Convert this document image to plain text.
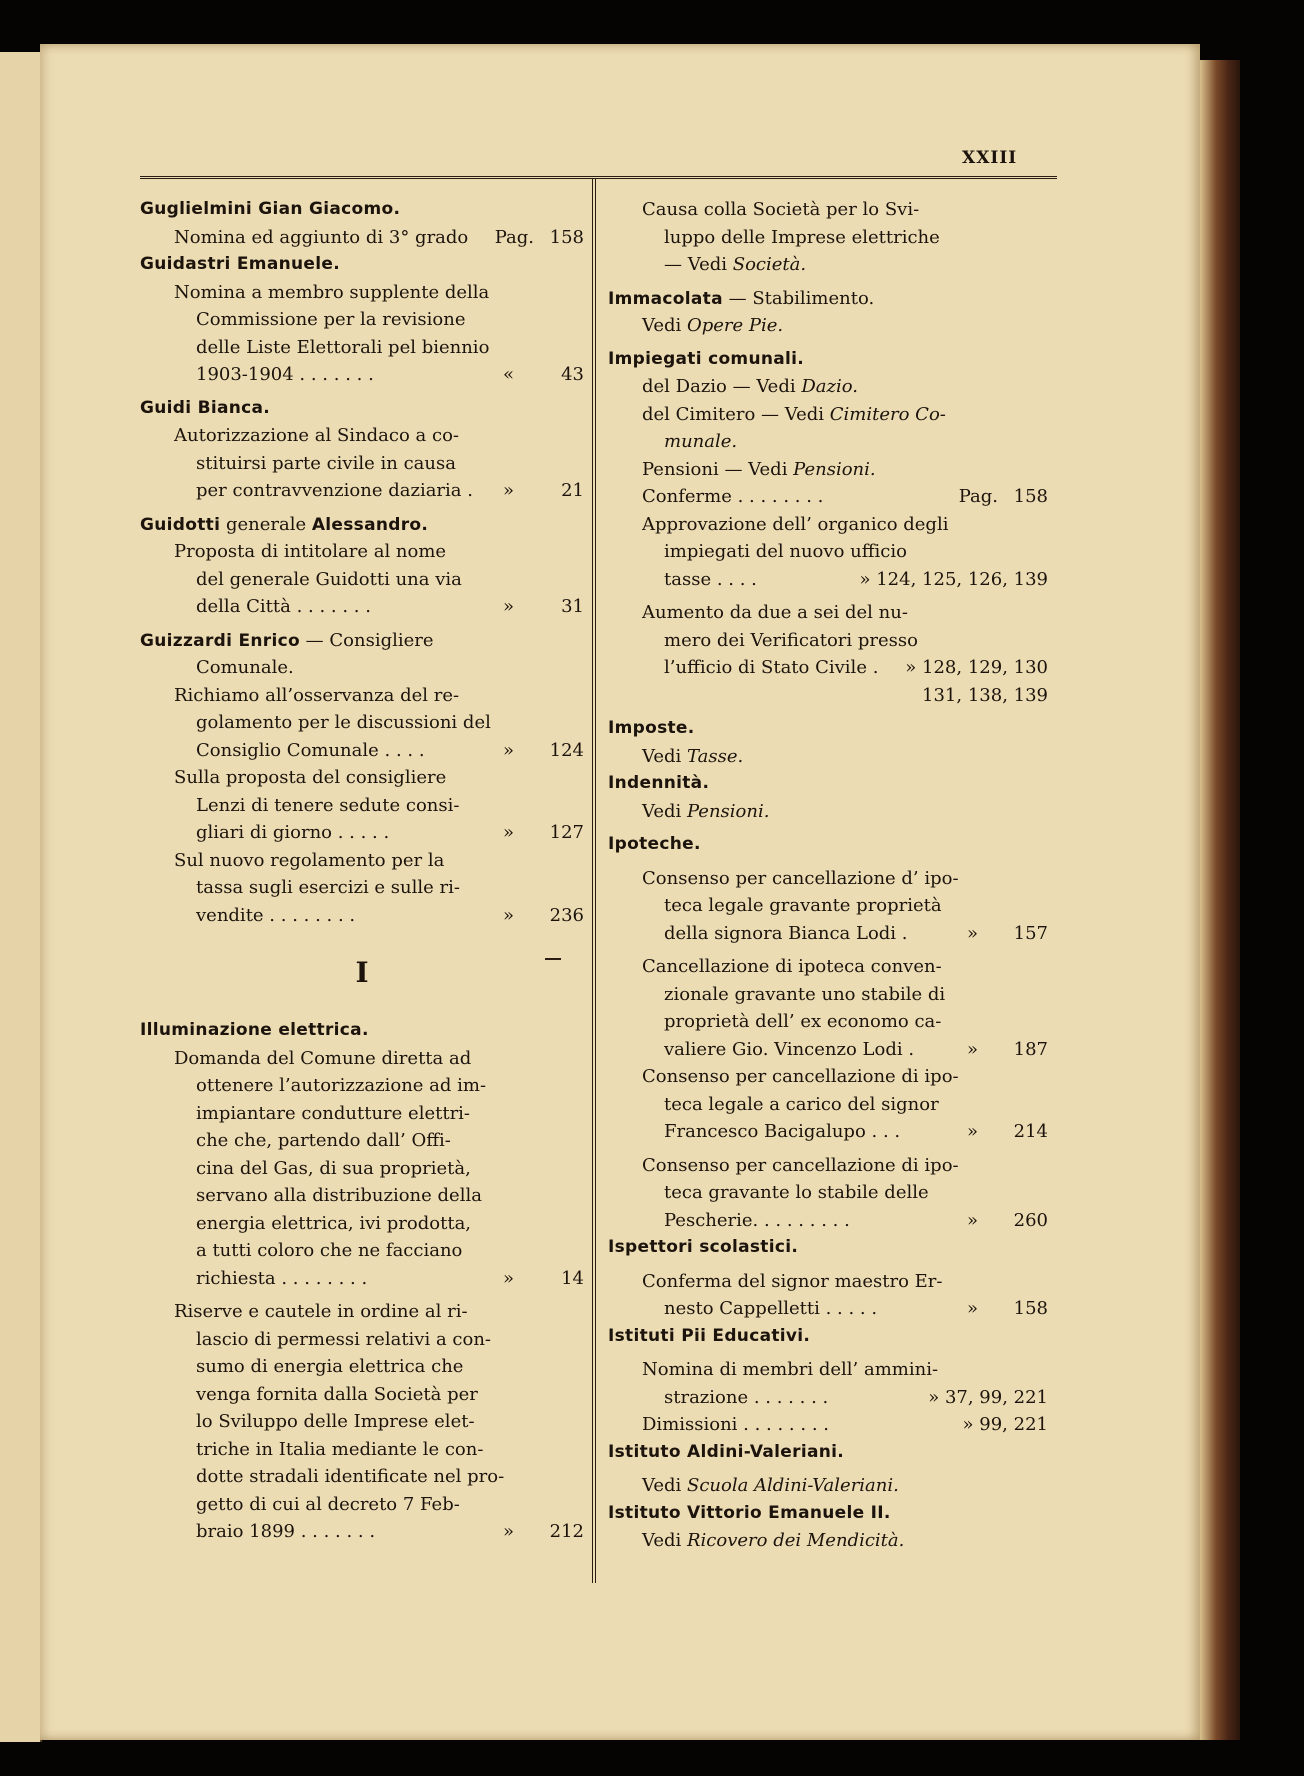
XXIII
Guglielmini Gian Giacomo.
Nomina ed aggiunto di 3° grado Pag. 158
Guidastri Emanuele.
Nomina a membro supplente della
Commissione per la revisione
delle Liste Elettorali pel biennio
1903-1904 . . . . . . .	«	43
Guidi Bianca.
Autorizzazione al Sindaco a co-
stituirsi parte civile in causa
per contravvenzione daziaria . »	21
Guidotti generale Alessandro.
Proposta di intitolare al nome
del generale Guidotti una via
della Città . . . . . . .	»	31
Guizzardi Enrico — Consigliere
Comunale.
Richiamo all’osservanza del re-
golamento per le discussioni del
Consiglio Comunale . . . .	» 124
Sulla proposta del consigliere
Lenzi di tenere sedute consi-
gliari di giorno . . . . .	» 127
Sul nuovo regolamento per la
tassa sugli esercizi e sulle ri-
vendite . . . . . . . .	» 236
I
Illuminazione elettrica.
Domanda del Comune diretta ad
ottenere l’autorizzazione ad im-
impiantare condutture elettri-
che che, partendo dall’ Offi-
cina del Gas, di sua proprietà,
servano alla distribuzione della
energia elettrica, ivi prodotta,
a tutti coloro che ne facciano
richiesta . . . . . . . .	»	14
Riserve e cautele in ordine al ri-
lascio di permessi relativi a con-
sumo di energia elettrica che
venga fornita dalla Società per
lo Sviluppo delle Imprese elet-
triche in Italia mediante le con-
dotte stradali identificate nel pro-
getto di cui al decreto 7 Feb-
braio 1899 . . . . . . .	» 212
Causa colla Società per lo Svi-
luppo delle Imprese elettriche
— Vedi Società.
Immacolata — Stabilimento.
Vedi Opere Pie.
Impiegati comunali.
del Dazio — Vedi Dazio.
del Cimitero — Vedi Cimitero Co-
munale.
Pensioni — Vedi Pensioni.
Conferme . . . . . . . .	Pag. 158
Approvazione dell’ organico degli
impiegati del nuovo ufficio
tasse . . . .	» 124, 125, 126, 139
Aumento da due a sei del nu-
mero dei Verificatori presso
l’ufficio di Stato Civile . » 128, 129, 130
131, 138, 139
Imposte.
Vedi Tasse.
Indennità.
Vedi Pensioni.
Ipoteche.
Consenso per cancellazione d’ ipo-
teca legale gravante proprietà
della signora Bianca Lodi .	» 157
Cancellazione di ipoteca conven-
zionale gravante uno stabile di
proprietà dell’ ex economo ca-
valiere Gio. Vincenzo Lodi .	» 187
Consenso per cancellazione di ipo-
teca legale a carico del signor
Francesco Bacigalupo . . .	» 214
Consenso per cancellazione di ipo-
teca gravante lo stabile delle
Pescherie. . . . . . . . .	» 260
Ispettori scolastici.
Conferma del signor maestro Er-
nesto Cappelletti . . . . .	» 158
Istituti Pii Educativi.
Nomina di membri dell’ ammini-
strazione . . . . . . .	» 37, 99, 221
Dimissioni . . . . . . . .	» 99, 221
Istituto Aldini-Valeriani.
Vedi Scuola Aldini-Valeriani.
Istituto Vittorio Emanuele II.
Vedi Ricovero dei Mendicità.
